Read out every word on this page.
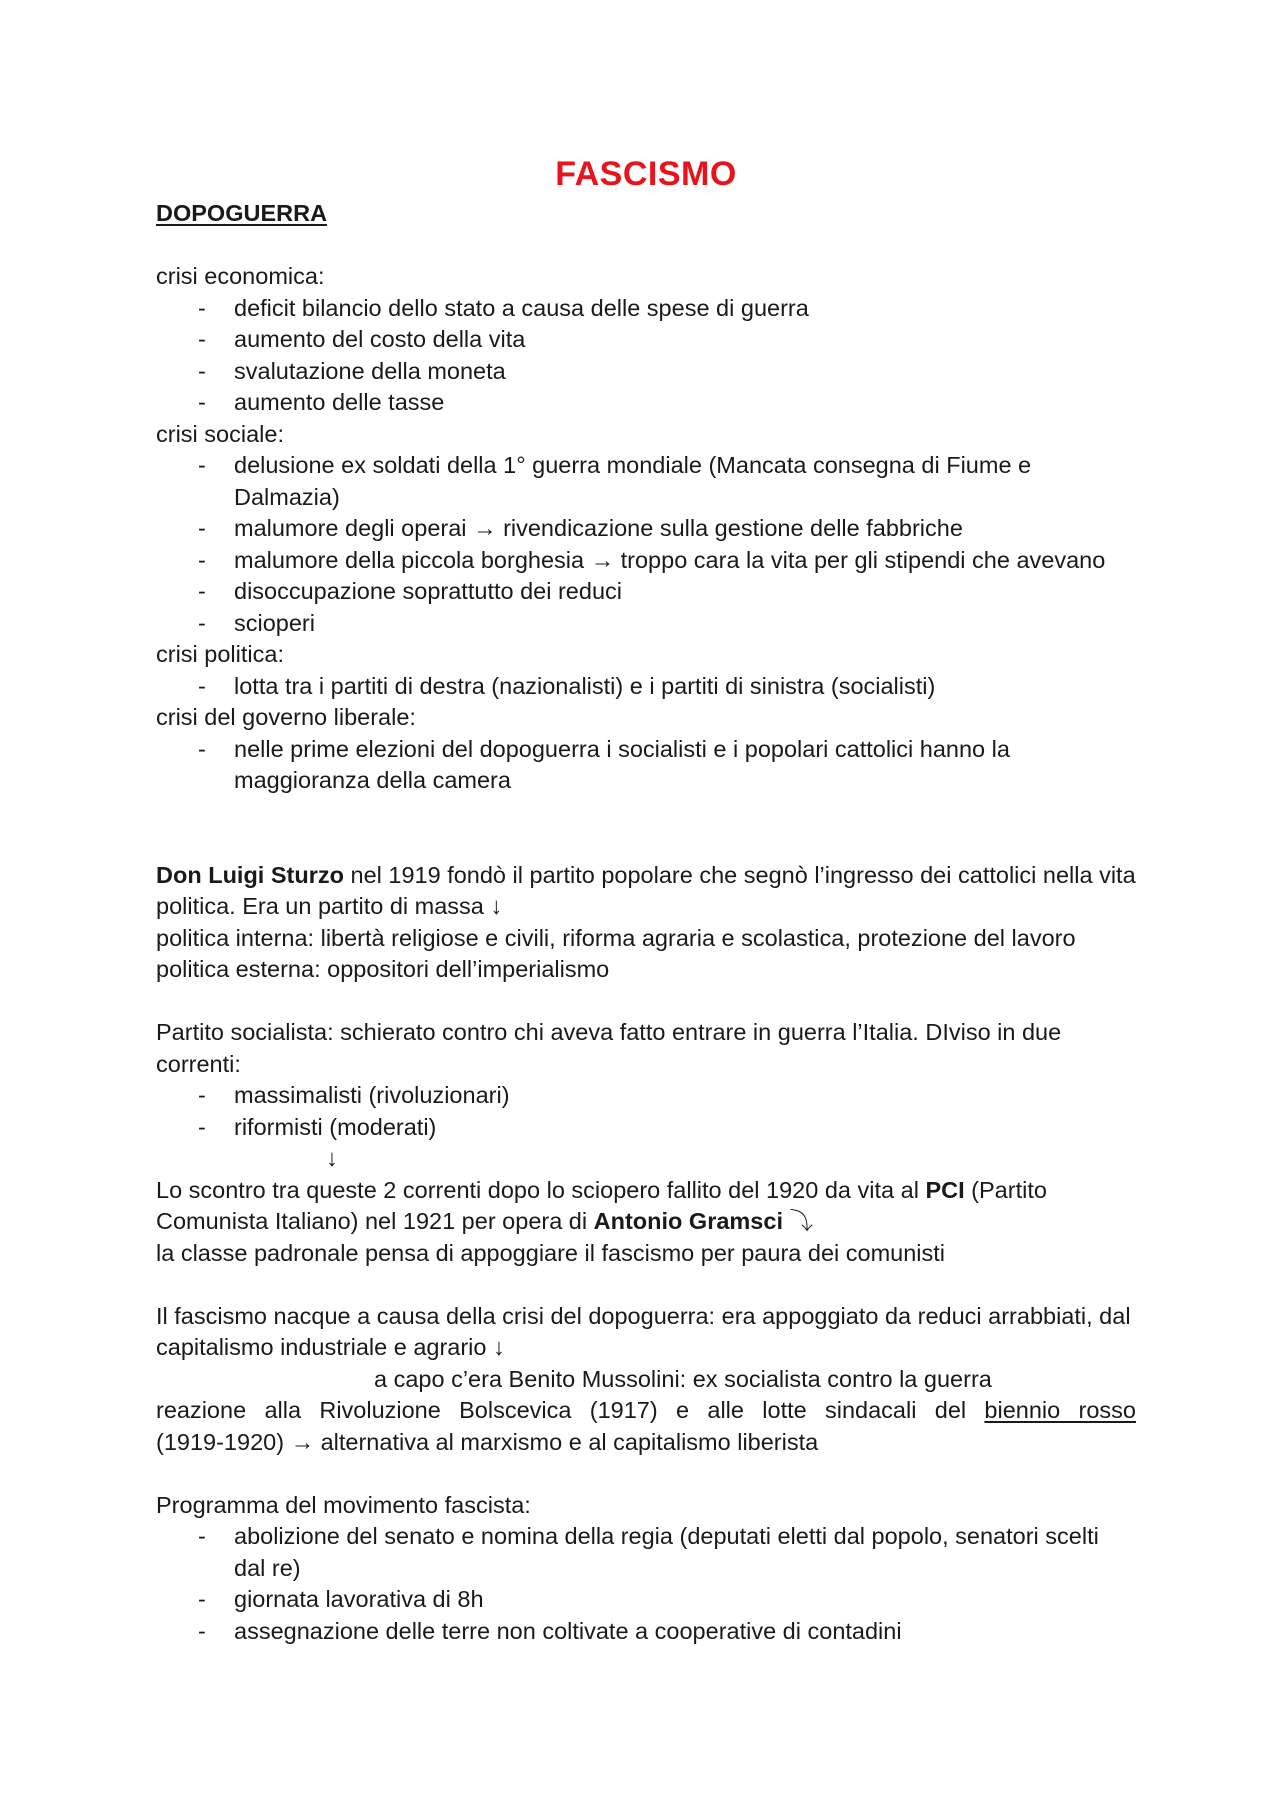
FASCISMO

DOPOGUERRA

crisi economica:

- deficit bilancio dello stato a causa delle spese di guerra
- aumento del costo della vita
- svalutazione della moneta
- aumento delle tasse

crisi sociale:

- delusione ex soldati della 1° guerra mondiale (Mancata consegna di Fiume e Dalmazia)
- malumore degli operai → rivendicazione sulla gestione delle fabbriche
- malumore della piccola borghesia → troppo cara la vita per gli stipendi che avevano
- disoccupazione soprattutto dei reduci
- scioperi

crisi politica:

- lotta tra i partiti di destra (nazionalisti) e i partiti di sinistra (socialisti)

crisi del governo liberale:

- nelle prime elezioni del dopoguerra i socialisti e i popolari cattolici hanno la maggioranza della camera

Don Luigi Sturzo nel 1919 fondò il partito popolare che segnò l’ingresso dei cattolici nella vita politica. Era un partito di massa ↓

politica interna: libertà religiose e civili, riforma agraria e scolastica, protezione del lavoro

politica esterna: oppositori dell’imperialismo

Partito socialista: schierato contro chi aveva fatto entrare in guerra l’Italia. DIviso in due correnti:

- massimalisti (rivoluzionari)
- riformisti (moderati)

↓

Lo scontro tra queste 2 correnti dopo lo sciopero fallito del 1920 da vita al PCI (Partito Comunista Italiano) nel 1921 per opera di Antonio Gramsci ⤵

la classe padronale pensa di appoggiare il fascismo per paura dei comunisti

Il fascismo nacque a causa della crisi del dopoguerra: era appoggiato da reduci arrabbiati, dal capitalismo industriale e agrario ↓

a capo c’era Benito Mussolini: ex socialista contro la guerra

reazione alla Rivoluzione Bolscevica (1917) e alle lotte sindacali del biennio rosso
(1919-1920) → alternativa al marxismo e al capitalismo liberista

Programma del movimento fascista:

- abolizione del senato e nomina della regia (deputati eletti dal popolo, senatori scelti dal re)
- giornata lavorativa di 8h
- assegnazione delle terre non coltivate a cooperative di contadini
